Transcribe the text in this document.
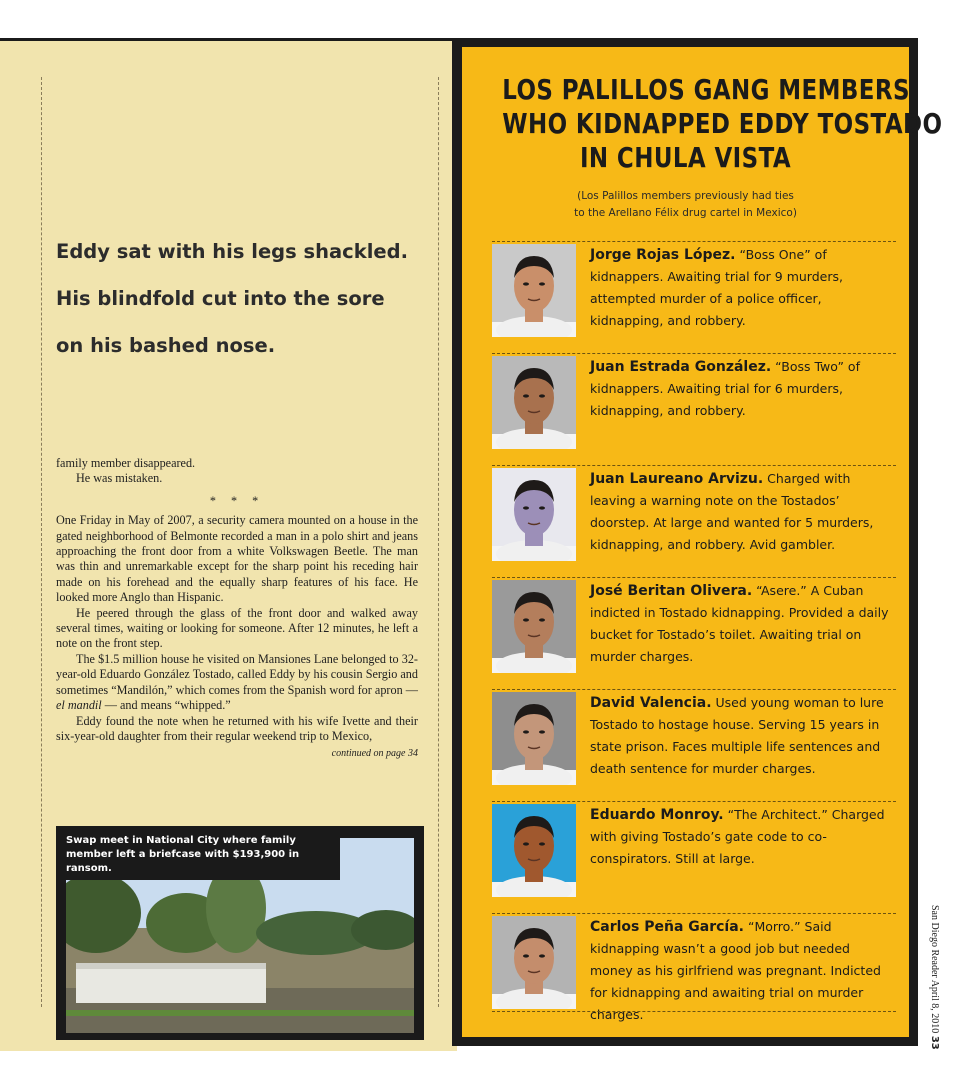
Eddy sat with his legs shackled.
His blindfold cut into the sore
on his bashed nose.

family member disappeared.

He was mistaken.

* * *

One Friday in May of 2007, a security camera mounted on a house in the gated neighborhood of Belmonte recorded a man in a polo shirt and jeans approaching the front door from a white Volkswagen Beetle. The man was thin and unremarkable except for the sharp point his receding hair made on his forehead and the equally sharp features of his face. He looked more Anglo than Hispanic.

He peered through the glass of the front door and walked away several times, waiting or looking for someone. After 12 minutes, he left a note on the front step.

The $1.5 million house he visited on Mansiones Lane belonged to 32-year-old Eduardo González Tostado, called Eddy by his cousin Sergio and sometimes “Mandilón,” which comes from the Spanish word for apron — el mandil — and means “whipped.”

Eddy found the note when he returned with his wife Ivette and their six-year-old daughter from their regular weekend trip to Mexico,

continued on page 34
Swap meet in National City where family member left a briefcase with $193,900 in ransom.
LOS PALILLOS GANG MEMBERS
WHO KIDNAPPED EDDY TOSTADO
IN CHULA VISTA
(Los Palillos members previously had ties
to the Arellano Félix drug cartel in Mexico)
Jorge Rojas López. “Boss One” of kidnappers. Awaiting trial for 9 murders, attempted murder of a police officer, kidnapping, and robbery.
Juan Estrada González. “Boss Two” of kidnappers. Awaiting trial for 6 murders, kidnapping, and robbery.
Juan Laureano Arvizu. Charged with leaving a warning note on the Tostados’ doorstep. At large and wanted for 5 murders, kidnapping, and robbery. Avid gambler.
José Beritan Olivera. “Asere.” A Cuban indicted in Tostado kidnapping. Provided a daily bucket for Tostado’s toilet. Awaiting trial on murder charges.
David Valencia. Used young woman to lure Tostado to hostage house. Serving 15 years in state prison. Faces multiple life sentences and death sentence for murder charges.
Eduardo Monroy. “The Architect.” Charged with giving Tostado’s gate code to co-conspirators. Still at large.
Carlos Peña García. “Morro.” Said kidnapping wasn’t a good job but needed money as his girlfriend was pregnant. Indicted for kidnapping and awaiting trial on murder charges.	San Diego Reader April 8, 2010 33
